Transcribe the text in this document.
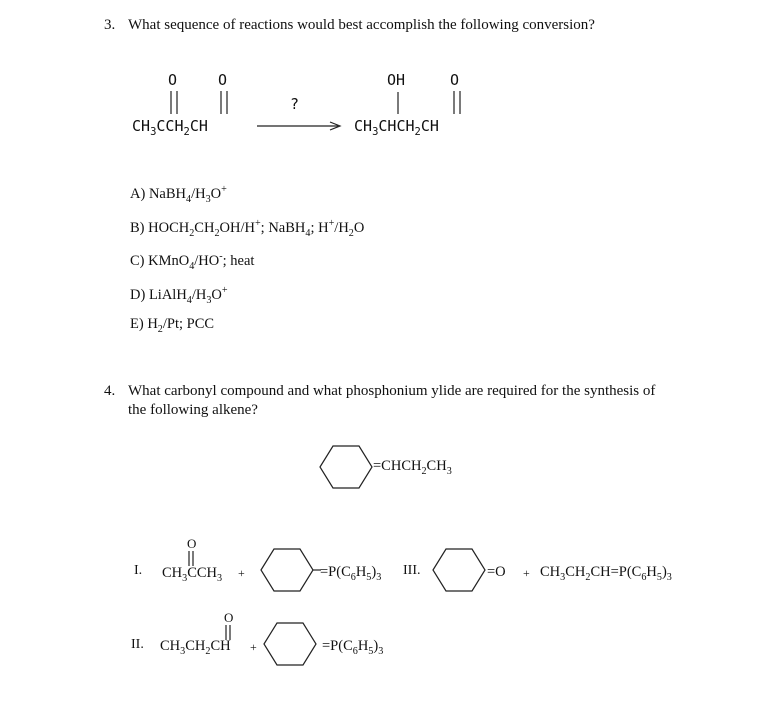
3. What sequence of reactions would best accomplish the following conversion?
O	O
$CH_3CCH_2CH$
?
OH	O
$CH_3CHCH_2CH$
A) $NaBH_4/H_3O^+$
B) $HOCH_2CH_2OH/H^+$; NaBH$_4$; $H^+/H_2O$
C) KMnO$_4$/HO-; heat
D) $LiAlH_4/H_3O^+$
E) $H_2/Pt$; PCC
4. What carbonyl compound and what phosphonium ylide are required for the synthesis of
the following alkene?
$=CHCH_2CH_3$
I.
O
$CH_3CCH_3$ +	$=P(C_6H_5)_3$ III.	$=O + CH_3CH_2CH=P(C_6H_5)_3$
II.
O
$CH_3CH_2CH$ +	$=P(C_6H_5)_3$
